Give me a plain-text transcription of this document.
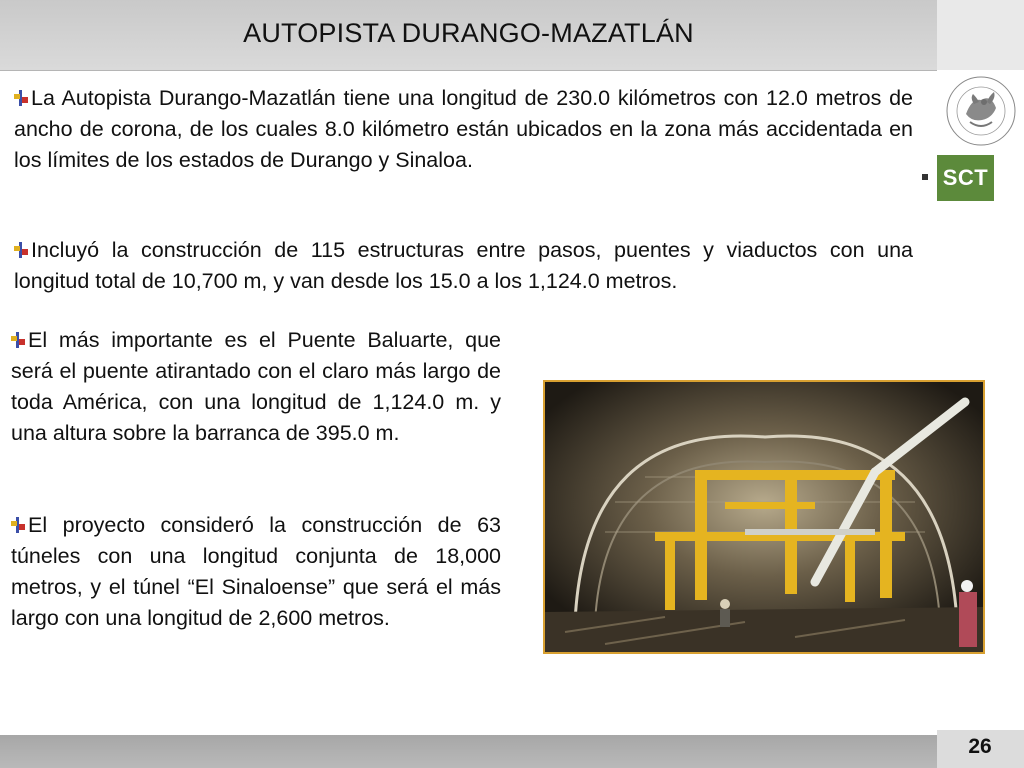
AUTOPISTA DURANGO-MAZATLÁN
SCT

La Autopista Durango-Mazatlán tiene una longitud de 230.0 kilómetros con 12.0 metros de ancho de corona, de los cuales 8.0 kilómetro están ubicados en la zona más accidentada en los límites de los estados de Durango y Sinaloa.

Incluyó la construcción de 115 estructuras entre pasos, puentes y viaductos con una longitud total de 10,700 m, y van desde los 15.0 a los 1,124.0 metros.

El más importante es el Puente Baluarte, que será el puente atirantado con el claro más largo de toda América, con una longitud de 1,124.0 m. y una altura sobre la barranca de 395.0 m.

El proyecto consideró la construcción de 63 túneles con una longitud conjunta de 18,000 metros, y el túnel “El Sinaloense” que será el más largo con una longitud de 2,600 metros.

26
